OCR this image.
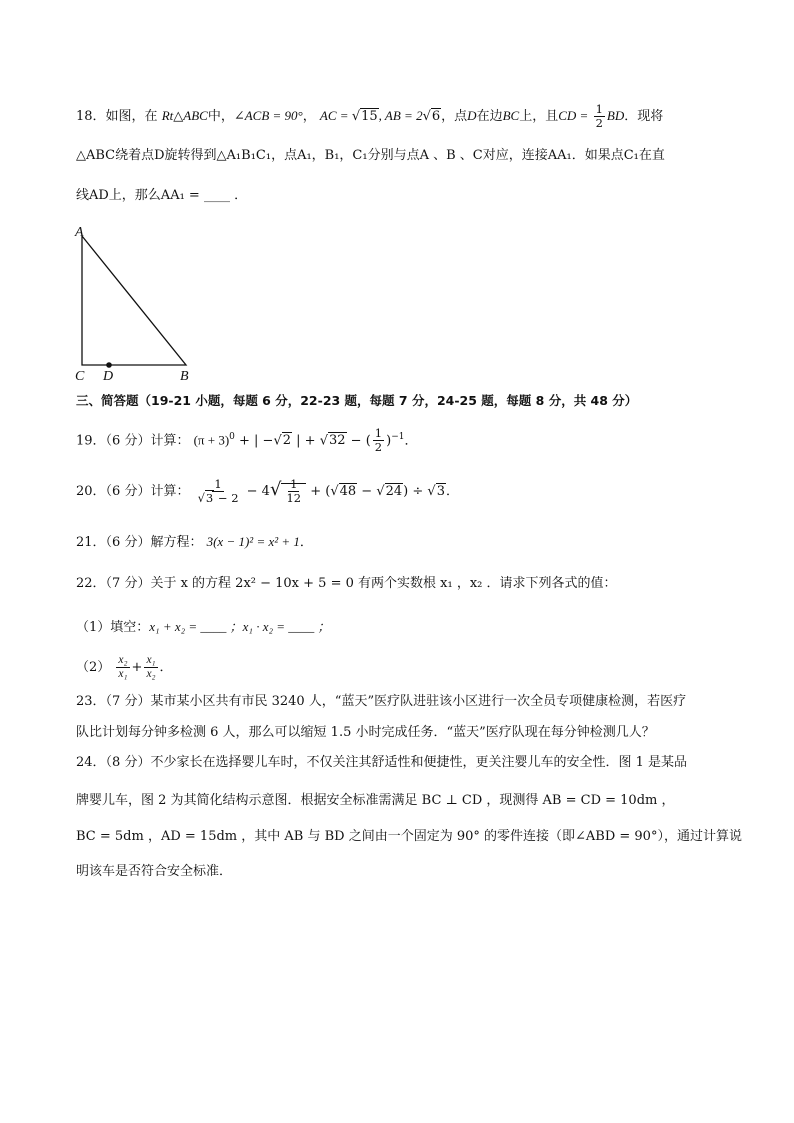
18．如图，在 Rt△ABC中，∠ACB = 90°， AC = √15, AB = 2√6，点D在边BC上，且CD = $\frac{1}{2}$ BD．现将
△ABC绕着点D旋转得到△A₁B₁C₁，点A₁，B₁，C₁分别与点A 、B 、C对应，连接AA₁．如果点C₁在直
线AD上，那么AA₁ = ____ ．
A
C D	B
三、简答题（19-21 小题，每题 6 分，22-23 题，每题 7 分，24-25 题，每题 8 分，共 48 分）
19．（6 分）计算： $(\pi + 3)^0$ + | −√2 | + √32 − ( $\frac{1}{2} )^{-1}$．
20．（6 分）计算： $\frac{1}{√3 - 2} - 4√ \frac{1}{12} + (√48 - √24) \div √3$．
21．（6 分）解方程： 3(x − 1)² = x² + 1．
22．（7 分）关于 x 的方程 2x² − 10x + 5 = 0 有两个实数根 x₁ ，x₂ ．请求下列各式的值：
（1）填空：x₁ + x₂ = ____ ；x₁ · x₂ = ____ ；
$(2) \frac{\text{x₂}}{\text{x₁}} + \frac{\text{x₁}}{\text{x₂}}$ ．
23．（7 分）某市某小区共有市民 3240 人，“蓝天”医疗队进驻该小区进行一次全员专项健康检测，若医疗
队比计划每分钟多检测 6 人，那么可以缩短 1.5 小时完成任务．“蓝天”医疗队现在每分钟检测几人？
24．（8 分）不少家长在选择婴儿车时，不仅关注其舒适性和便捷性，更关注婴儿车的安全性．图 1 是某品
牌婴儿车，图 2 为其简化结构示意图．根据安全标准需满足 BC ⊥ CD ，现测得 AB = CD = 10dm ，
BC = 5dm ，AD = 15dm ，其中 AB 与 BD 之间由一个固定为 90° 的零件连接（即∠ABD = 90°），通过计算说
明该车是否符合安全标准．
